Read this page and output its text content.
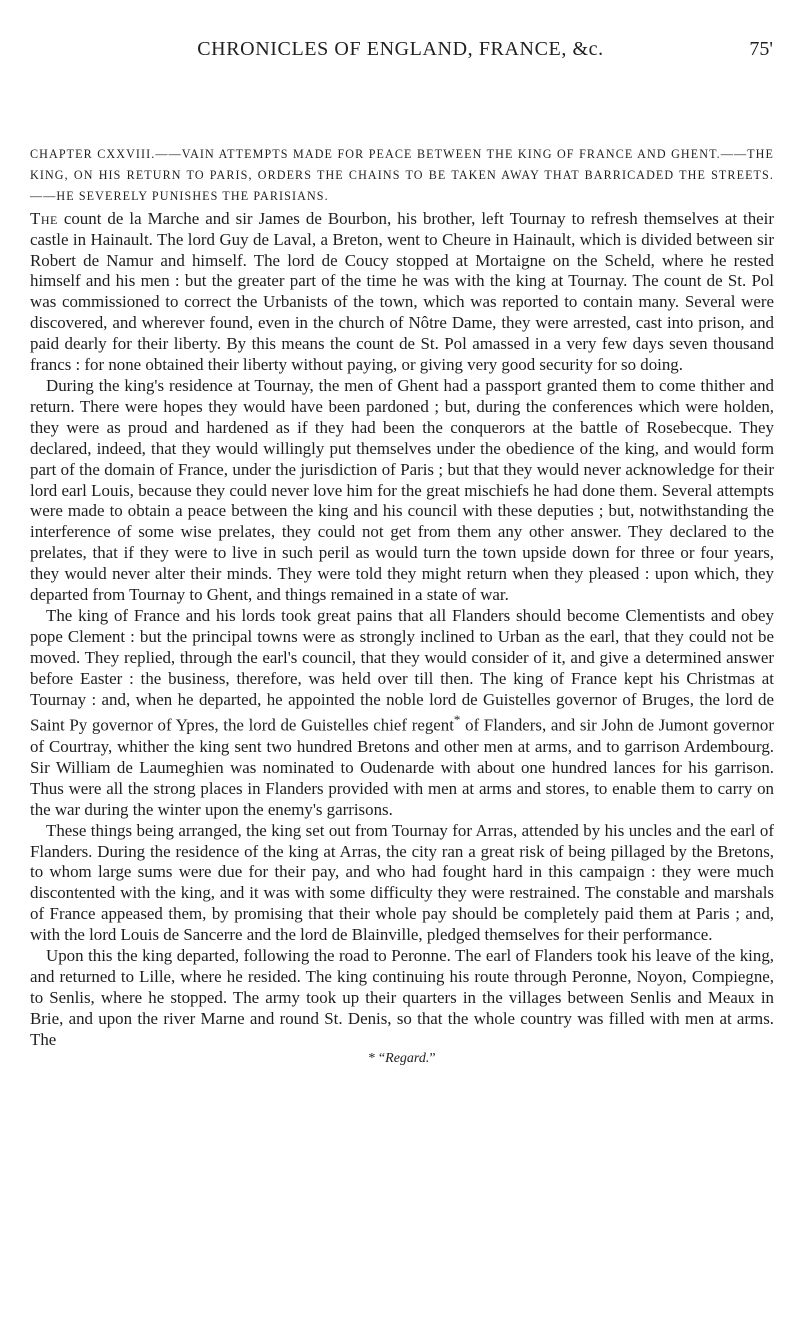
CHRONICLES OF ENGLAND, FRANCE, &c.	75'

CHAPTER CXXVIII.——VAIN ATTEMPTS MADE FOR PEACE BETWEEN THE KING OF FRANCE AND GHENT.——THE KING, ON HIS RETURN TO PARIS, ORDERS THE CHAINS TO BE TAKEN AWAY THAT BARRICADED THE STREETS.——HE SEVERELY PUNISHES THE PARISIANS.

The count de la Marche and sir James de Bourbon, his brother, left Tournay to refresh themselves at their castle in Hainault. The lord Guy de Laval, a Breton, went to Cheure in Hainault, which is divided between sir Robert de Namur and himself. The lord de Coucy stopped at Mortaigne on the Scheld, where he rested himself and his men : but the greater part of the time he was with the king at Tournay. The count de St. Pol was commissioned to correct the Urbanists of the town, which was reported to contain many. Several were discovered, and wherever found, even in the church of Nôtre Dame, they were arrested, cast into prison, and paid dearly for their liberty. By this means the count de St. Pol amassed in a very few days seven thousand francs : for none obtained their liberty without paying, or giving very good security for so doing.

During the king's residence at Tournay, the men of Ghent had a passport granted them to come thither and return. There were hopes they would have been pardoned ; but, during the conferences which were holden, they were as proud and hardened as if they had been the conquerors at the battle of Rosebecque. They declared, indeed, that they would willingly put themselves under the obedience of the king, and would form part of the domain of France, under the jurisdiction of Paris ; but that they would never acknowledge for their lord earl Louis, because they could never love him for the great mischiefs he had done them. Several attempts were made to obtain a peace between the king and his council with these deputies ; but, notwithstanding the interference of some wise prelates, they could not get from them any other answer. They declared to the prelates, that if they were to live in such peril as would turn the town upside down for three or four years, they would never alter their minds. They were told they might return when they pleased : upon which, they departed from Tournay to Ghent, and things remained in a state of war.

The king of France and his lords took great pains that all Flanders should become Clementists and obey pope Clement : but the principal towns were as strongly inclined to Urban as the earl, that they could not be moved. They replied, through the earl's council, that they would consider of it, and give a determined answer before Easter : the business, therefore, was held over till then. The king of France kept his Christmas at Tournay : and, when he departed, he appointed the noble lord de Guistelles governor of Bruges, the lord de Saint Py governor of Ypres, the lord de Guistelles chief regent* of Flanders, and sir John de Jumont governor of Courtray, whither the king sent two hundred Bretons and other men at arms, and to garrison Ardembourg. Sir William de Laumeghien was nominated to Oudenarde with about one hundred lances for his garrison. Thus were all the strong places in Flanders provided with men at arms and stores, to enable them to carry on the war during the winter upon the enemy's garrisons.

These things being arranged, the king set out from Tournay for Arras, attended by his uncles and the earl of Flanders. During the residence of the king at Arras, the city ran a great risk of being pillaged by the Bretons, to whom large sums were due for their pay, and who had fought hard in this campaign : they were much discontented with the king, and it was with some difficulty they were restrained. The constable and marshals of France appeased them, by promising that their whole pay should be completely paid them at Paris ; and, with the lord Louis de Sancerre and the lord de Blainville, pledged themselves for their performance.

Upon this the king departed, following the road to Peronne. The earl of Flanders took his leave of the king, and returned to Lille, where he resided. The king continuing his route through Peronne, Noyon, Compiegne, to Senlis, where he stopped. The army took up their quarters in the villages between Senlis and Meaux in Brie, and upon the river Marne and round St. Denis, so that the whole country was filled with men at arms. The

* “Regard.”
